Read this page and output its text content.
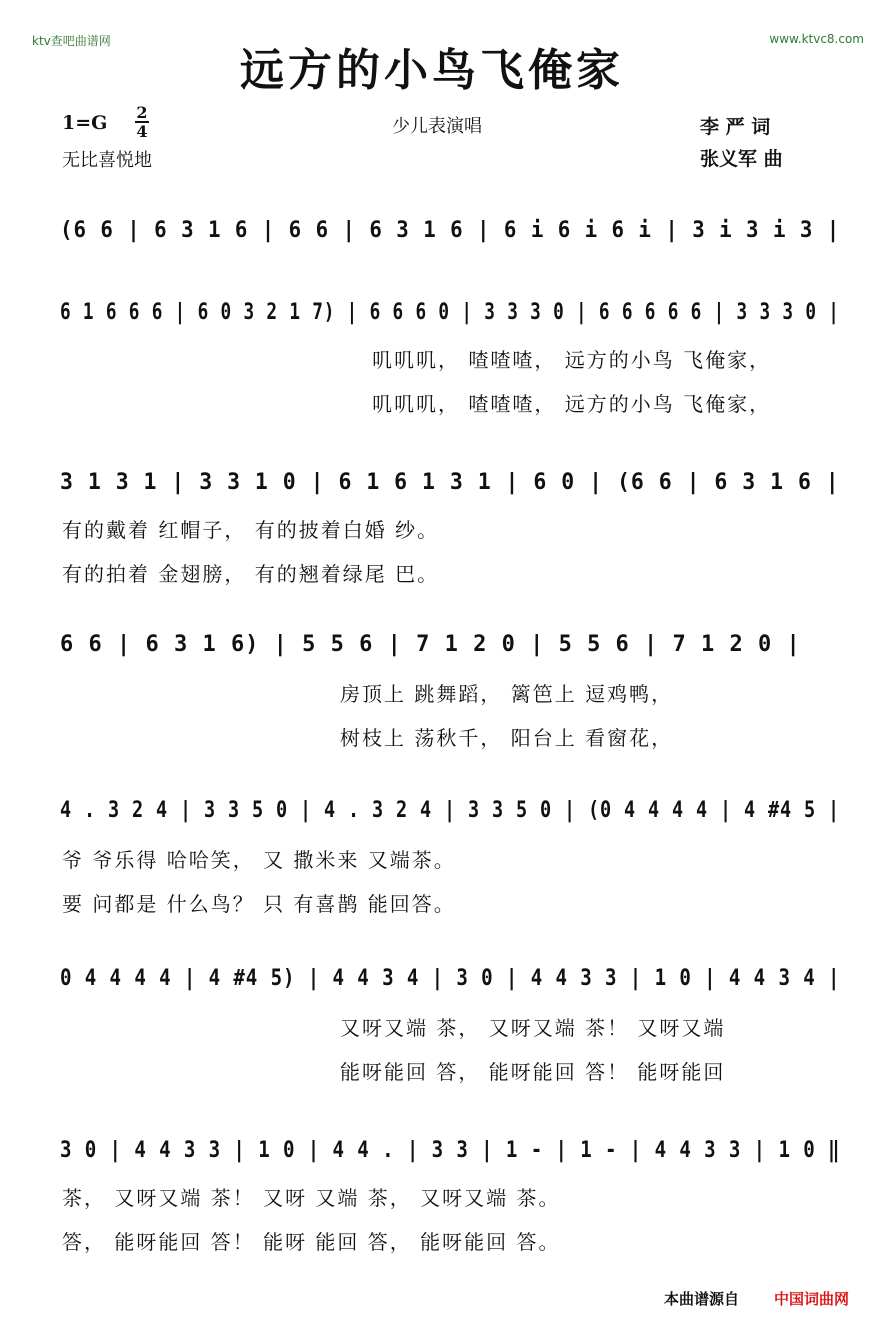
ktv查吧曲谱网	www.ktvc8.com
远方的小鸟飞俺家
1=G 2
4
无比喜悦地
少儿表演唱	李 严 词
张义军 曲
(6 6 | 6 3 1 6 | 6 6 | 6 3 1 6 | 6 i 6 i 6 i | 3 i 3 i 3 |
6 1 6 6 6 | 6 0 3 2 1 7) | 6 6 6 0 | 3 3 3 0 | 6 6 6 6 6 | 3 3 3 0 |
叽叽叽， 喳喳喳， 远方的小鸟 飞俺家，
叽叽叽， 喳喳喳， 远方的小鸟 飞俺家，
3 1 3 1 | 3 3 1 0 | 6 1 6 1 3 1 | 6 0 | (6 6 | 6 3 1 6 |
有的戴着 红帽子， 有的披着白婚 纱。
有的拍着 金翅膀， 有的翘着绿尾 巴。
6 6 | 6 3 1 6) | 5 5 6 | 7 1 2 0 | 5 5 6 | 7 1 2 0 |
房顶上 跳舞蹈， 篱笆上 逗鸡鸭，
树枝上 荡秋千， 阳台上 看窗花，
4 . 3 2 4 | 3 3 5 0 | 4 . 3 2 4 | 3 3 5 0 | (0 4 4 4 4 | 4 #4 5 |
爷 爷乐得 哈哈笑， 又 撒米来 又端茶。
要 问都是 什么鸟？ 只 有喜鹊 能回答。
0 4 4 4 4 | 4 #4 5) | 4 4 3 4 | 3 0 | 4 4 3 3 | 1 0 | 4 4 3 4 |
又呀又端 茶， 又呀又端 茶！ 又呀又端
能呀能回 答， 能呀能回 答！ 能呀能回
3 0 | 4 4 3 3 | 1 0 | 4 4 . | 3 3 | 1 - | 1 - | 4 4 3 3 | 1 0 ‖
茶， 又呀又端 茶！ 又呀 又端 茶， 又呀又端 茶。
答， 能呀能回 答！ 能呀 能回 答， 能呀能回 答。
本曲谱源自 中国词曲网
